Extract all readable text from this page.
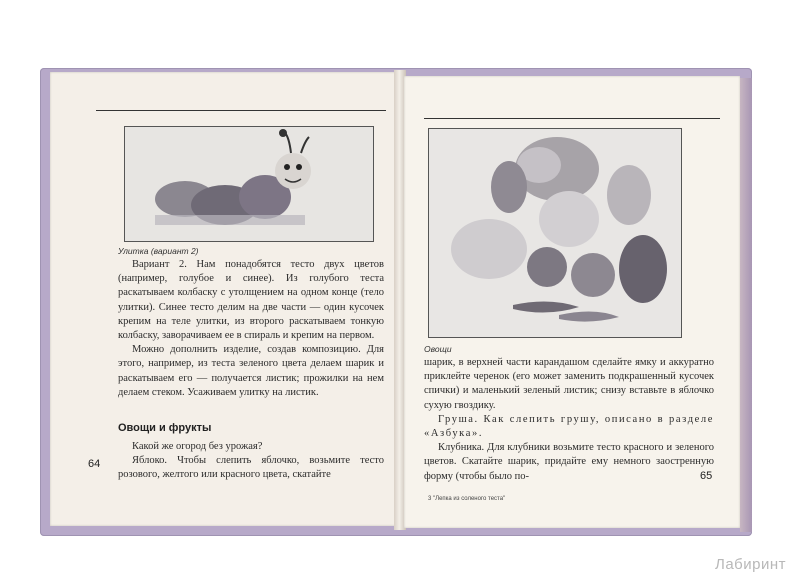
Улитка (вариант 2)

Вариант 2. Нам понадобятся тесто двух цветов (например, голубое и синее). Из голубого теста раскатываем колбаску с утолщением на одном конце (тело улитки). Синее тесто делим на две части — один кусочек крепим на теле улитки, из второго раскатываем тонкую колбаску, заворачиваем ее в спираль и крепим на первом.

Можно дополнить изделие, создав композицию. Для этого, например, из теста зеленого цвета делаем шарик и раскатываем его — получается листик; прожилки на нем делаем стеком. Усаживаем улитку на листик.

Овощи и фрукты

Какой же огород без урожая?

Яблоко. Чтобы слепить яблочко, возьмите тесто розового, желтого или красного цвета, скатайте

64
Овощи

шарик, в верхней части карандашом сделайте ямку и аккуратно приклейте черенок (его может заменить подкрашенный кусочек спички) и маленький зеленый листик; снизу вставьте в яблочко сухую гвоздику.

Груша. Как слепить грушу, описано в разделе «Азбука».

Клубника. Для клубники возьмите тесто красного и зеленого цветов. Скатайте шарик, придайте ему немного заостренную форму (чтобы было по-	65
3 "Лепка из соленого теста"
Лабиринт
